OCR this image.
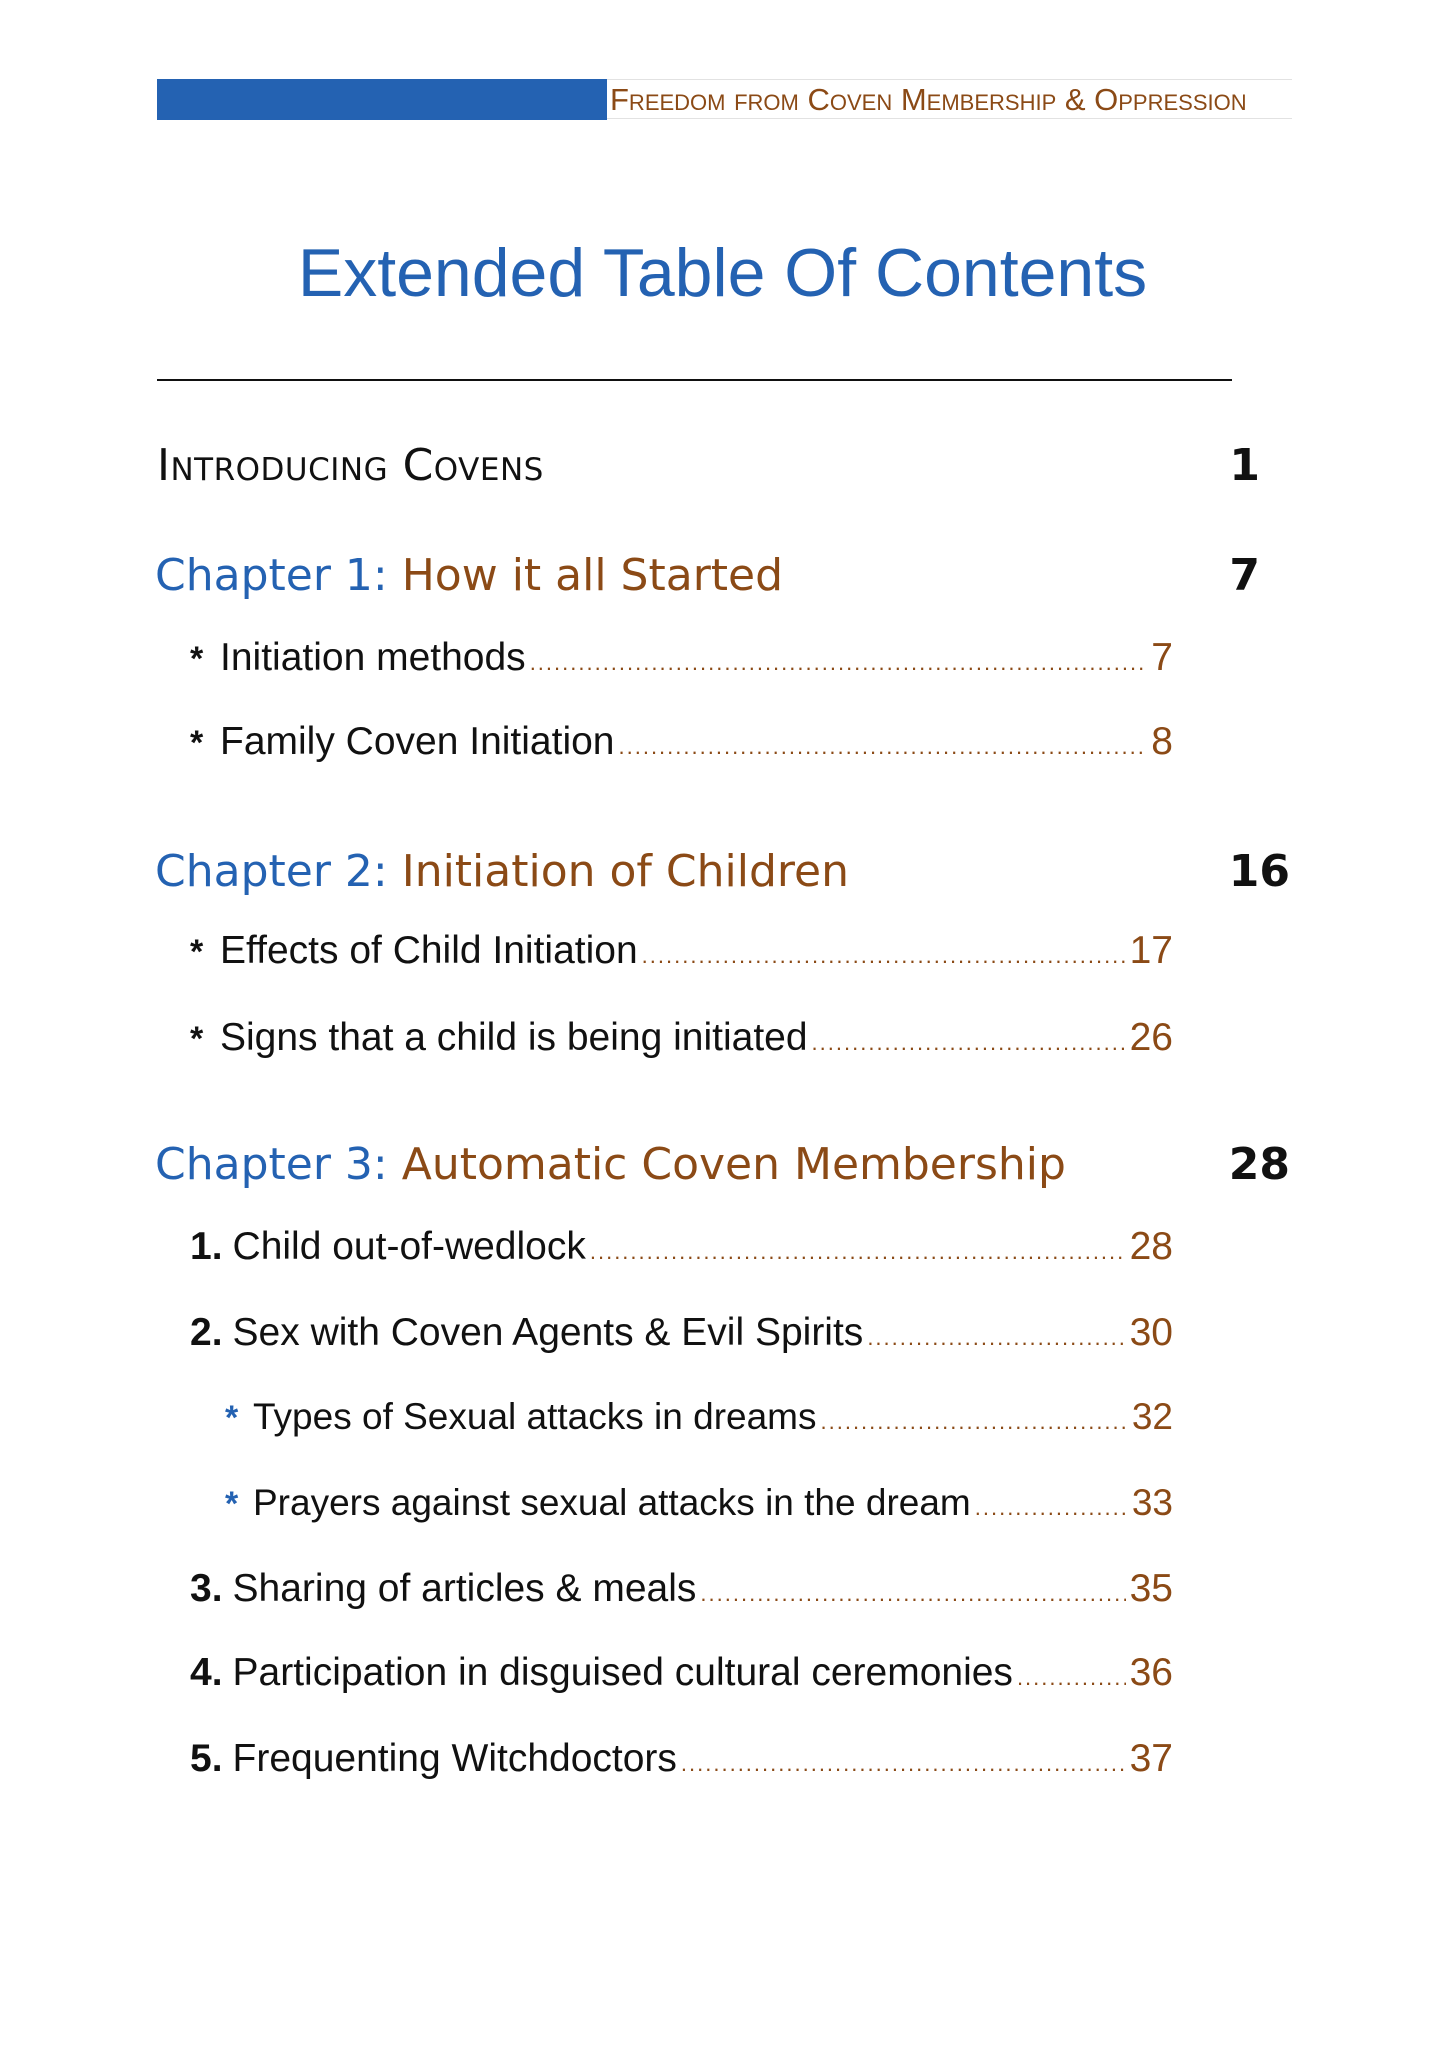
Freedom from Coven Membership & Oppression
Extended Table Of Contents
Introducing Covens	1
Chapter 1: How it all Started	7
* Initiation methods .....	7
* Family Coven Initiation .....	8
Chapter 2: Initiation of Children	16
* Effects of Child Initiation .....	17
* Signs that a child is being initiated .....	26
Chapter 3: Automatic Coven Membership	28
1. Child out-of-wedlock .....	28
2. Sex with Coven Agents & Evil Spirits .....	30
* Types of Sexual attacks in dreams .....	32
* Prayers against sexual attacks in the dream .....	33
3. Sharing of articles & meals .....	35
4. Participation in disguised cultural ceremonies .....	36
5. Frequenting Witchdoctors .....	37
